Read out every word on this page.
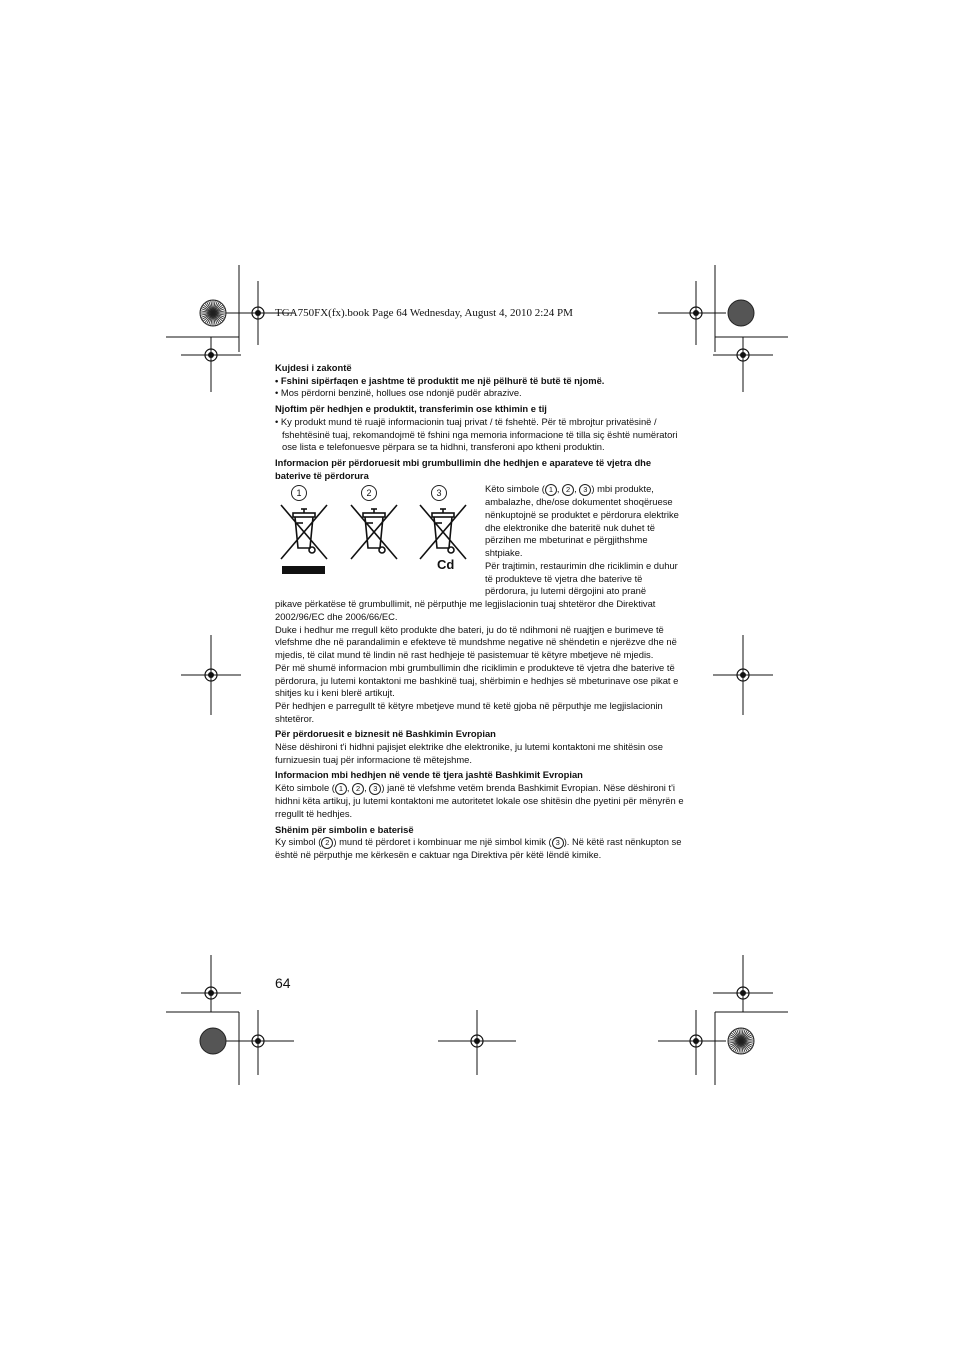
TGA750FX(fx).book Page 64 Wednesday, August 4, 2010 2:24 PM

Kujdesi i zakontë

• Fshini sipërfaqen e jashtme të produktit me një pëlhurë të butë të njomë.

• Mos përdorni benzinë, hollues ose ndonjë pudër abrazive.

Njoftim për hedhjen e produktit, transferimin ose kthimin e tij

• Ky produkt mund të ruajë informacionin tuaj privat / të fshehtë. Për të mbrojtur privatësinë / fshehtësinë tuaj, rekomandojmë të fshini nga memoria informacione të tilla siç është numëratori ose lista e telefonuesve përpara se ta hidhni, transferoni apo ktheni produktin.

Informacion për përdoruesit mbi grumbullimin dhe hedhjen e aparateve të vjetra dhe baterive të përdorura

1	2	3
Cd

Këto simbole ( 1 , 2 , 3 ) mbi produkte, ambalazhe, dhe/ose dokumentet shoqëruese nënkuptojnë se produktet e përdorura elektrike dhe elektronike dhe bateritë nuk duhet të përzihen me mbeturinat e përgjithshme shtpiake.

Për trajtimin, restaurimin dhe riciklimin e duhur të produkteve të vjetra dhe baterive të përdorura, ju lutemi dërgojini ato pranë

pikave përkatëse të grumbullimit, në përputhje me legjislacionin tuaj shtetëror dhe Direktivat 2002/96/EC dhe 2006/66/EC.

Duke i hedhur me rregull këto produkte dhe bateri, ju do të ndihmoni në ruajtjen e burimeve të vlefshme dhe në parandalimin e efekteve të mundshme negative në shëndetin e njerëzve dhe në mjedis, të cilat mund të lindin në rast hedhjeje të pasistemuar të këtyre mbetjeve në mjedis.

Për më shumë informacion mbi grumbullimin dhe riciklimin e produkteve të vjetra dhe baterive të përdorura, ju lutemi kontaktoni me bashkinë tuaj, shërbimin e hedhjes së mbeturinave ose pikat e shitjes ku i keni blerë artikujt.

Për hedhjen e parregullt të këtyre mbetjeve mund të ketë gjoba në përputhje me legjislacionin shtetëror.

Për përdoruesit e biznesit në Bashkimin Evropian

Nëse dëshironi t'i hidhni pajisjet elektrike dhe elektronike, ju lutemi kontaktoni me shitësin ose furnizuesin tuaj për informacione të mëtejshme.

Informacion mbi hedhjen në vende të tjera jashtë Bashkimit Evropian

Këto simbole ( 1 , 2 , 3 ) janë të vlefshme vetëm brenda Bashkimit Evropian. Nëse dëshironi t'i hidhni këta artikuj, ju lutemi kontaktoni me autoritetet lokale ose shitësin dhe pyetini për mënyrën e rregullt të hedhjes.

Shënim për simbolin e baterisë

Ky simbol ( 2 ) mund të përdoret i kombinuar me një simbol kimik ( 3 ). Në këtë rast nënkupton se është në përputhje me kërkesën e caktuar nga Direktiva për këtë lëndë kimike.

64
